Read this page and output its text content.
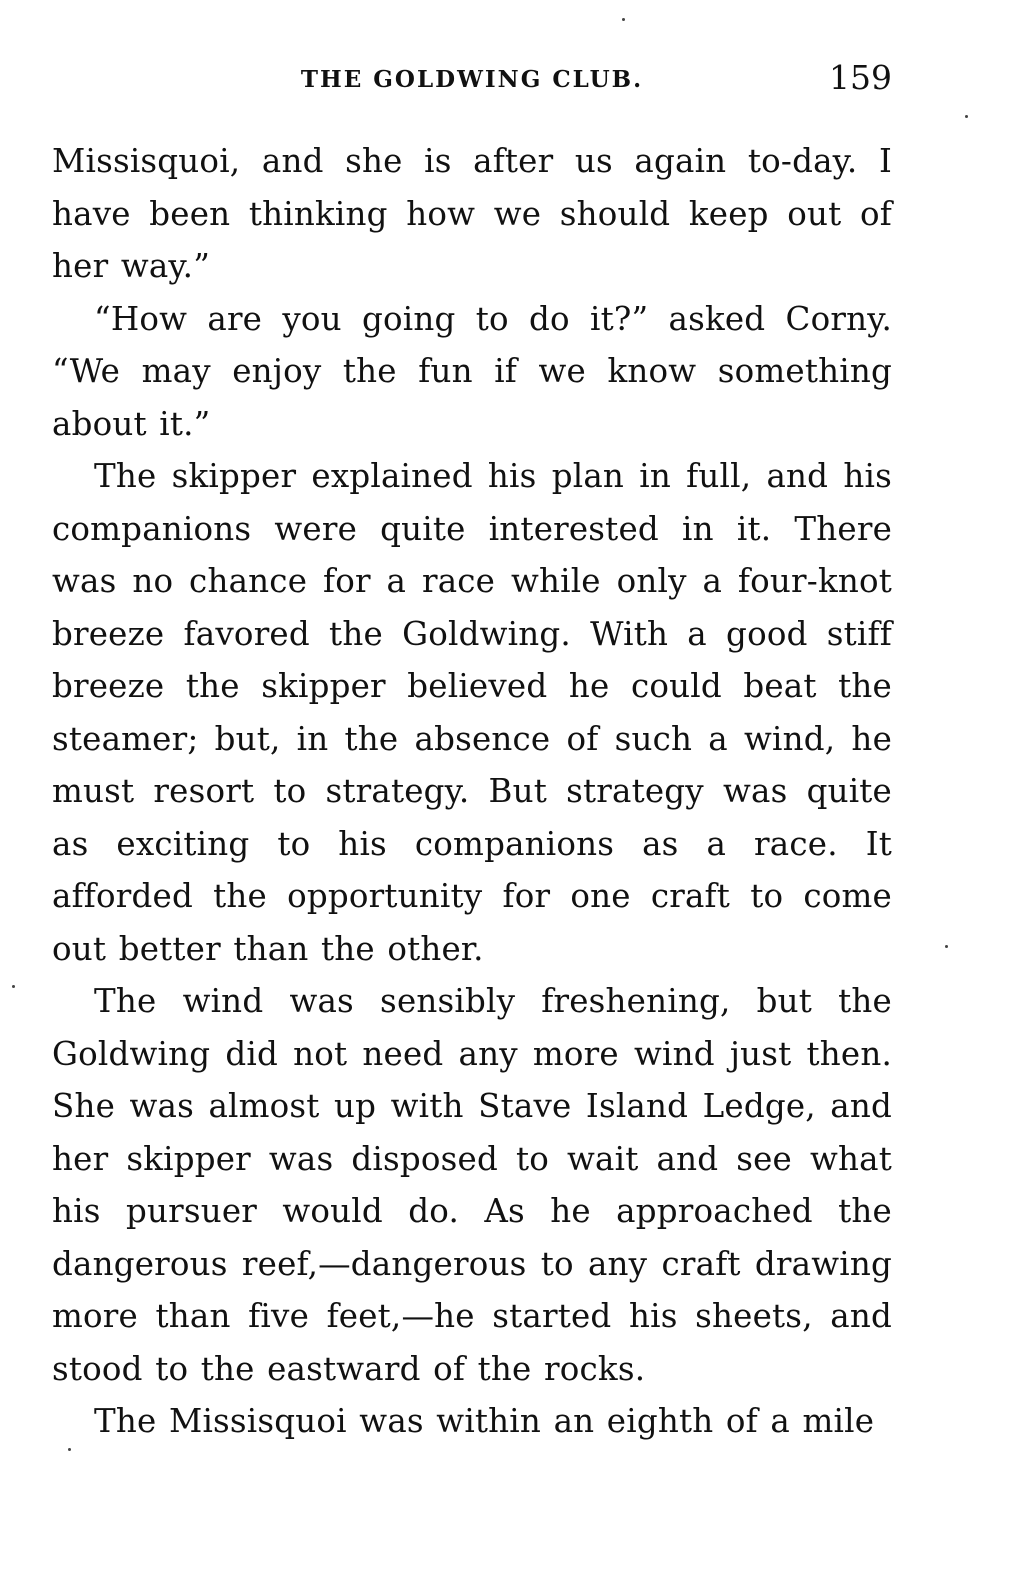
THE GOLDWING CLUB.	159

Missisquoi, and she is after us again to-day. I have been thinking how we should keep out of her way.”

“How are you going to do it?” asked Corny. “We may enjoy the fun if we know something about it.”

The skipper explained his plan in full, and his companions were quite interested in it. There was no chance for a race while only a four-knot breeze favored the Goldwing. With a good stiff breeze the skipper believed he could beat the steamer; but, in the absence of such a wind, he must resort to strategy. But strategy was quite as exciting to his companions as a race. It afforded the opportunity for one craft to come out better than the other.

The wind was sensibly freshening, but the Goldwing did not need any more wind just then. She was almost up with Stave Island Ledge, and her skipper was disposed to wait and see what his pursuer would do. As he approached the dangerous reef,—dangerous to any craft drawing more than five feet,—he started his sheets, and stood to the eastward of the rocks.

The Missisquoi was within an eighth of a mile
